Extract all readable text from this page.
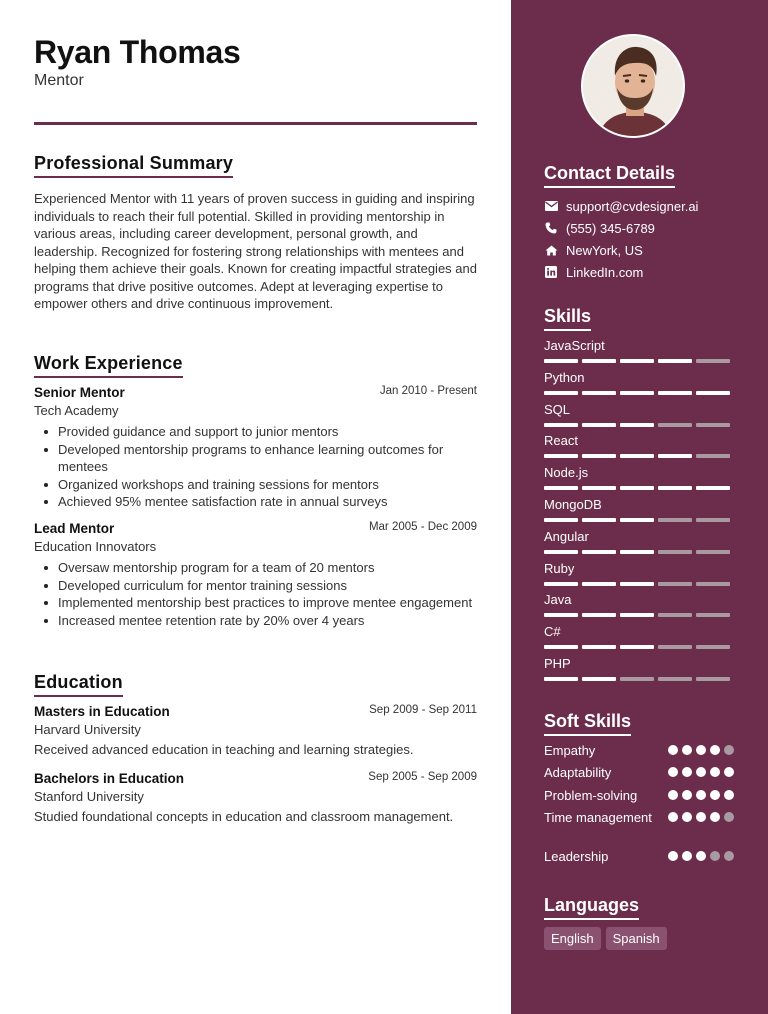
Ryan Thomas
Mentor
Professional Summary
Experienced Mentor with 11 years of proven success in guiding and inspiring individuals to reach their full potential. Skilled in providing mentorship in various areas, including career development, personal growth, and leadership. Recognized for fostering strong relationships with mentees and helping them achieve their goals. Known for creating impactful strategies and programs that drive positive outcomes. Adept at leveraging expertise to empower others and drive continuous improvement.
Work Experience
Senior Mentor	Jan 2010 - Present
Tech Academy
Provided guidance and support to junior mentors
Developed mentorship programs to enhance learning outcomes for mentees
Organized workshops and training sessions for mentors
Achieved 95% mentee satisfaction rate in annual surveys
Lead Mentor	Mar 2005 - Dec 2009
Education Innovators
Oversaw mentorship program for a team of 20 mentors
Developed curriculum for mentor training sessions
Implemented mentorship best practices to improve mentee engagement
Increased mentee retention rate by 20% over 4 years
Education
Masters in Education	Sep 2009 - Sep 2011
Harvard University
Received advanced education in teaching and learning strategies.
Bachelors in Education	Sep 2005 - Sep 2009
Stanford University
Studied foundational concepts in education and classroom management.
Contact Details
support@cvdesigner.ai
(555) 345-6789
NewYork, US
LinkedIn.com
Skills
JavaScript
Python
SQL
React
Node.js
MongoDB
Angular
Ruby
Java
C#
PHP
Soft Skills
Empathy
Adaptability
Problem-solving
Time management
Leadership
Languages
English	Spanish
